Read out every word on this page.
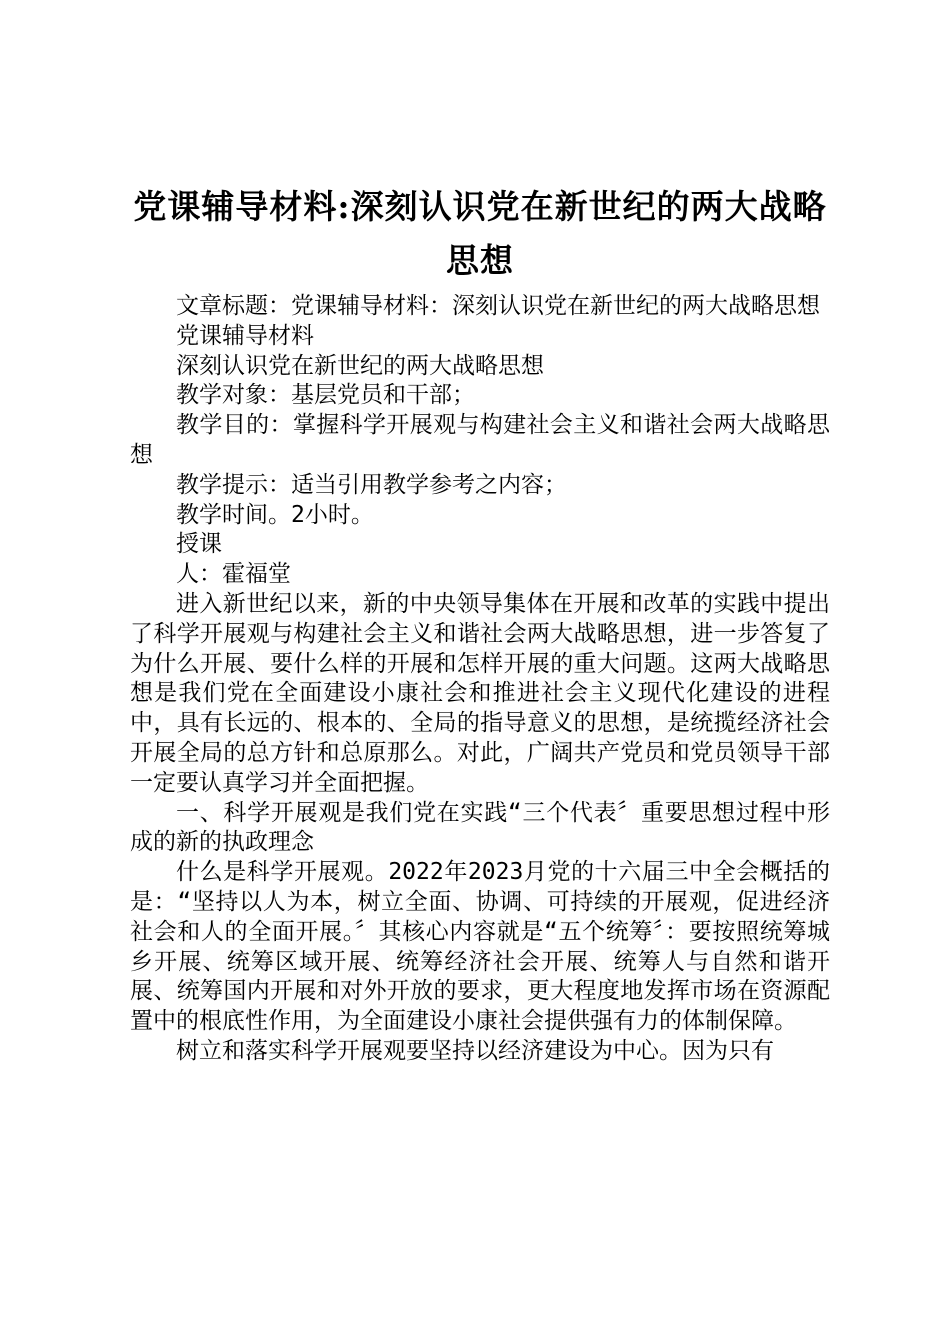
党课辅导材料:深刻认识党在新世纪的两大战略思想

文章标题：党课辅导材料：深刻认识党在新世纪的两大战略思想

党课辅导材料

深刻认识党在新世纪的两大战略思想

教学对象：基层党员和干部；

教学目的：掌握科学开展观与构建社会主义和谐社会两大战略思想

教学提示：适当引用教学参考之内容；

教学时间。2小时。

授课

人：霍福堂

进入新世纪以来，新的中央领导集体在开展和改革的实践中提出了科学开展观与构建社会主义和谐社会两大战略思想，进一步答复了为什么开展、要什么样的开展和怎样开展的重大问题。这两大战略思想是我们党在全面建设小康社会和推进社会主义现代化建设的进程中，具有长远的、根本的、全局的指导意义的思想，是统揽经济社会开展全局的总方针和总原那么。对此，广阔共产党员和党员领导干部一定要认真学习并全面把握。

一、科学开展观是我们党在实践“三个代表〞重要思想过程中形成的新的执政理念

什么是科学开展观。2022年2023月党的十六届三中全会概括的是：“坚持以人为本，树立全面、协调、可持续的开展观，促进经济社会和人的全面开展。〞其核心内容就是“五个统筹〞：要按照统筹城乡开展、统筹区域开展、统筹经济社会开展、统筹人与自然和谐开展、统筹国内开展和对外开放的要求，更大程度地发挥市场在资源配置中的根底性作用，为全面建设小康社会提供强有力的体制保障。

树立和落实科学开展观要坚持以经济建设为中心。因为只有
